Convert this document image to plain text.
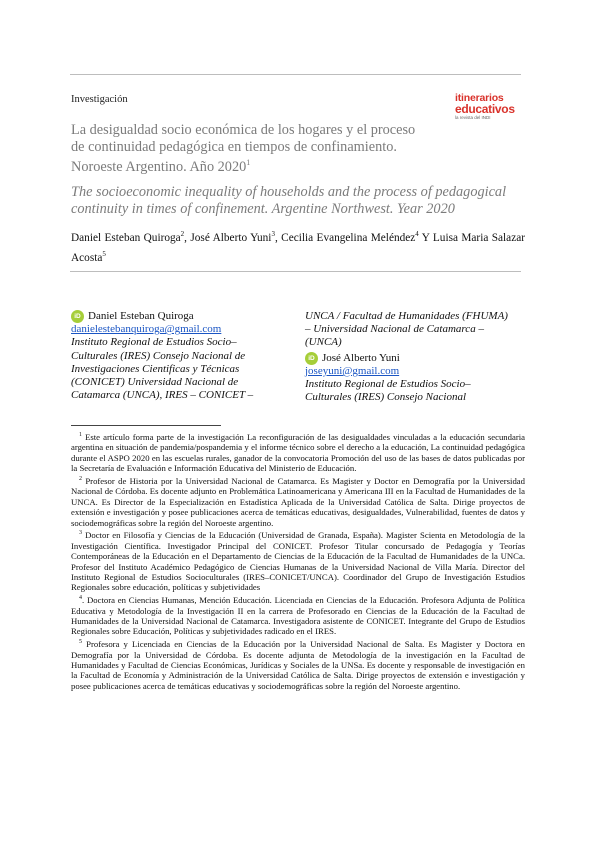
Investigación	itinerarios
educativos
la revista del INDI
La desigualdad socio económica de los hogares y el proceso de continuidad pedagógica en tiempos de confinamiento. Noroeste Argentino. Año 2020$^1$
The socioeconomic inequality of households and the process of pedagogical continuity in times of confinement. Argentine Northwest. Year 2020
Daniel Esteban Quiroga$^2$, José Alberto Yuni$^3$, Cecilia Evangelina Meléndez$^4$ Y Luisa Maria Salazar Acosta$^5$
iD Daniel Esteban Quiroga
danielestebanquiroga@gmail.com
Instituto Regional de Estudios Socio–Culturales (IRES) Consejo Nacional de Investigaciones Cientificas y Técnicas (CONICET) Universidad Nacional de Catamarca (UNCA), IRES – CONICET –
UNCA / Facultad de Humanidades (FHUMA) – Universidad Nacional de Catamarca – (UNCA)
iD José Alberto Yuni
joseyuni@gmail.com
Instituto Regional de Estudios Socio–Culturales (IRES) Consejo Nacional

$^1$ Este artículo forma parte de la investigación La reconfiguración de las desigualdades vinculadas a la educación secundaria argentina en situación de pandemia/pospandemia y el informe técnico sobre el derecho a la educación, La continuidad pedagógica durante el ASPO 2020 en las escuelas rurales, ganador de la convocatoria Promoción del uso de las bases de datos publicadas por la Secretaría de Evaluación e Información Educativa del Ministerio de Educación.

$^2$ Profesor de Historia por la Universidad Nacional de Catamarca. Es Magister y Doctor en Demografía por la Universidad Nacional de Córdoba. Es docente adjunto en Problemática Latinoamericana y Americana III en la Facultad de Humanidades de la UNCA. Es Director de la Especialización en Estadística Aplicada de la Universidad Católica de Salta. Dirige proyectos de extensión e investigación y posee publicaciones acerca de temáticas educativas, desigualdades, Vulnerabilidad, fuentes de datos y sociodemográficas sobre la región del Noroeste argentino.

$^3$ Doctor en Filosofía y Ciencias de la Educación (Universidad de Granada, España). Magister Scienta en Metodología de la Investigación Científica. Investigador Principal del CONICET. Profesor Titular concursado de Pedagogía y Teorías Contemporáneas de la Educación en el Departamento de Ciencias de la Educación de la Facultad de Humanidades de la UNCa. Profesor del Instituto Académico Pedagógico de Ciencias Humanas de la Universidad Nacional de Villa María. Director del Instituto Regional de Estudios Socioculturales (IRES–CONICET/UNCA). Coordinador del Grupo de Investigación Estudios Regionales sobre educación, políticas y subjetividades

$^4$. Doctora en Ciencias Humanas, Mención Educación. Licenciada en Ciencias de la Educación. Profesora Adjunta de Política Educativa y Metodología de la Investigación II en la carrera de Profesorado en Ciencias de la Educación de la Facultad de Humanidades de la Universidad Nacional de Catamarca. Investigadora asistente de CONICET. Integrante del Grupo de Estudios Regionales sobre Educación, Políticas y subjetividades radicado en el IRES.

$^5$ Profesora y Licenciada en Ciencias de la Educación por la Universidad Nacional de Salta. Es Magister y Doctora en Demografía por la Universidad de Córdoba. Es docente adjunta de Metodología de la investigación en la Facultad de Humanidades y Facultad de Ciencias Económicas, Jurídicas y Sociales de la UNSa. Es docente y responsable de investigación en la Facultad de Economía y Administración de la Universidad Católica de Salta. Dirige proyectos de extensión e investigación y posee publicaciones acerca de temáticas educativas y sociodemográficas sobre la región del Noroeste argentino.
